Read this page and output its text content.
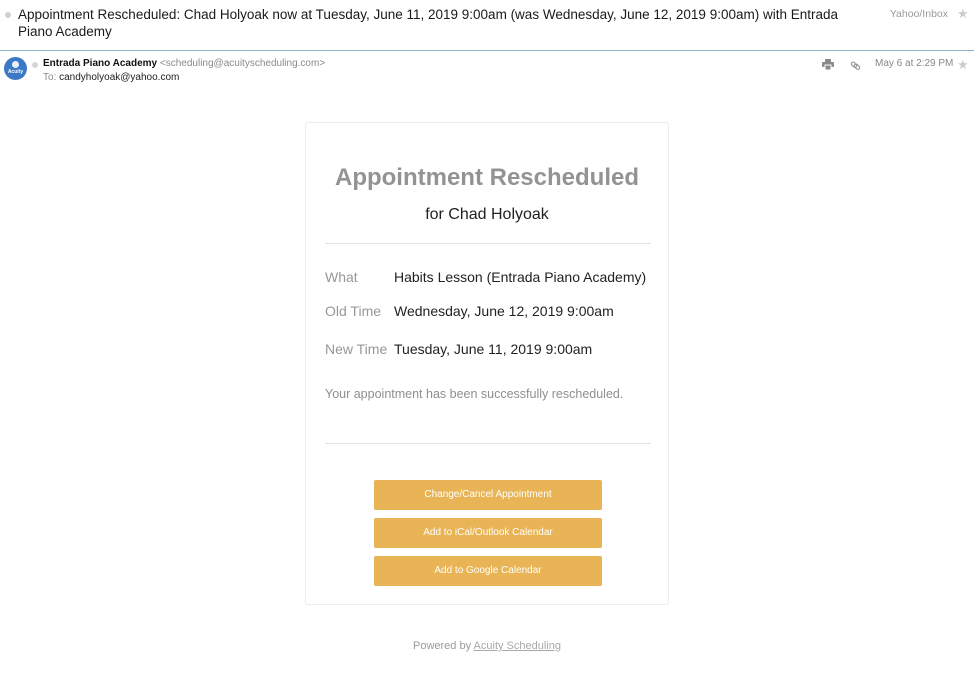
Appointment Rescheduled: Chad Holyoak now at Tuesday, June 11, 2019 9:00am (was Wednesday, June 12, 2019 9:00am) with Entrada Piano Academy
Yahoo/Inbox ★
Acuity
Entrada Piano Academy <scheduling@acuityscheduling.com>
To: candyholyoak@yahoo.com
May 6 at 2:29 PM ★
Appointment Rescheduled
for Chad Holyoak
What	Habits Lesson (Entrada Piano Academy)
Old Time Wednesday, June 12, 2019 9:00am
New Time Tuesday, June 11, 2019 9:00am
Your appointment has been successfully rescheduled.
Change/Cancel Appointment
Add to iCal/Outlook Calendar
Add to Google Calendar
Powered by Acuity Scheduling
